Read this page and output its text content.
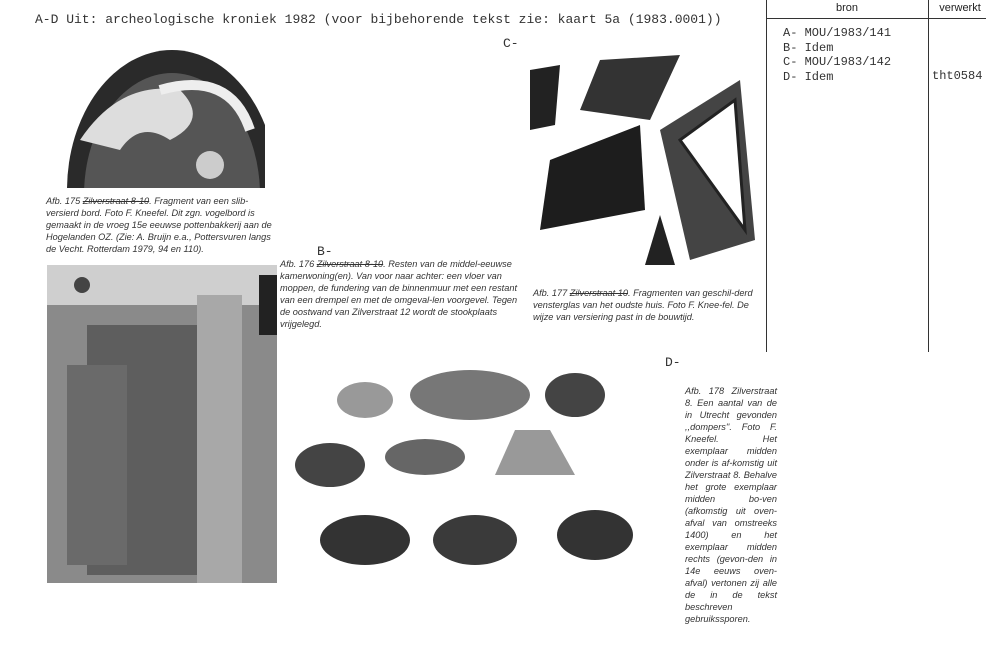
A-D Uit: archeologische kroniek 1982 (voor bijbehorende tekst zie: kaart 5a (1983.0001))
bron	verwerkt
A- MOU/1983/141
B- Idem
C- MOU/1983/142
D- Idem	tht0584
Afb. 175 Zilverstraat 8-10. Fragment van een slib-versierd bord. Foto F. Kneefel. Dit zgn. vogelbord is gemaakt in de vroeg 15e eeuwse pottenbakkerij aan de Hogelanden OZ. (Zie: A. Bruijn e.a., Pottersvuren langs de Vecht. Rotterdam 1979, 94 en 110).	B-
Afb. 176 Zilverstraat 8-10. Resten van de middel-eeuwse kamerwoning(en). Van voor naar achter: een vloer van moppen, de fundering van de binnenmuur met een restant van een drempel en met de omgeval-len voorgevel. Tegen de oostwand van Zilverstraat 12 wordt de stookplaats vrijgelegd.
C-
Afb. 177 Zilverstraat 10. Fragmenten van geschil-derd vensterglas van het oudste huis. Foto F. Knee-fel. De wijze van versiering past in de bouwtijd.
D-
Afb. 178 Zilverstraat 8. Een aantal van de in Utrecht gevonden ,,dompers''. Foto F. Kneefel. Het exemplaar midden onder is af-komstig uit Zilverstraat 8. Behalve het grote exemplaar midden bo-ven (afkomstig uit oven-afval van omstreeks 1400) en het exemplaar midden rechts (gevon-den in 14e eeuws oven-afval) vertonen zij alle de in de tekst beschreven gebruikssporen.
